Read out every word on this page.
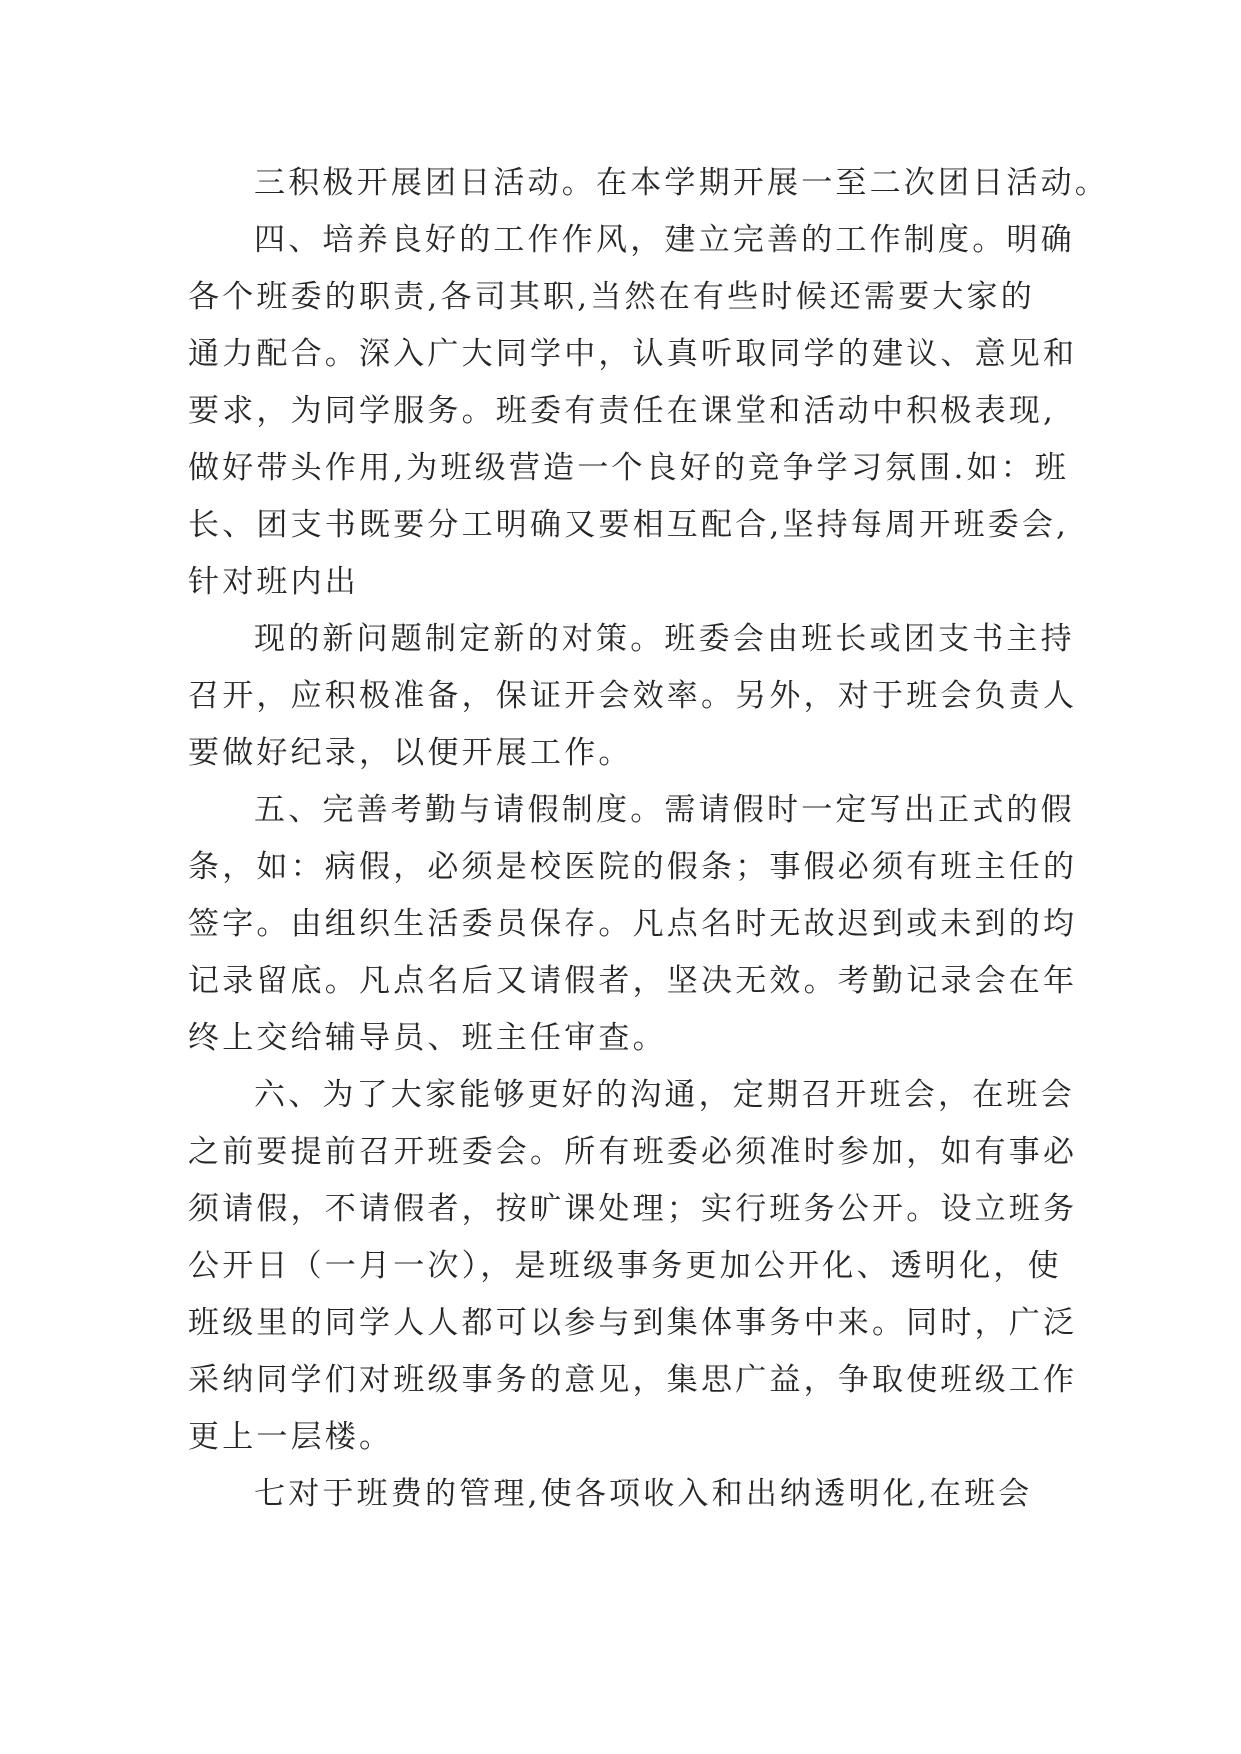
三积极开展团日活动。在本学期开展一至二次团日活动。
四、培养良好的工作作风，建立完善的工作制度。明确
各个班委的职责,各司其职,当然在有些时候还需要大家的
通力配合。深入广大同学中，认真听取同学的建议、意见和
要求，为同学服务。班委有责任在课堂和活动中积极表现,
做好带头作用,为班级营造一个良好的竞争学习氛围.如：班
长、团支书既要分工明确又要相互配合,坚持每周开班委会,
针对班内出
现的新问题制定新的对策。班委会由班长或团支书主持
召开，应积极准备，保证开会效率。另外，对于班会负责人
要做好纪录，以便开展工作。
五、完善考勤与请假制度。需请假时一定写出正式的假
条，如：病假，必须是校医院的假条；事假必须有班主任的
签字。由组织生活委员保存。凡点名时无故迟到或未到的均
记录留底。凡点名后又请假者，坚决无效。考勤记录会在年
终上交给辅导员、班主任审查。
六、为了大家能够更好的沟通，定期召开班会，在班会
之前要提前召开班委会。所有班委必须准时参加，如有事必
须请假，不请假者，按旷课处理；实行班务公开。设立班务
公开日（一月一次），是班级事务更加公开化、透明化，使
班级里的同学人人都可以参与到集体事务中来。同时，广泛
采纳同学们对班级事务的意见，集思广益，争取使班级工作
更上一层楼。
七对于班费的管理,使各项收入和出纳透明化,在班会
